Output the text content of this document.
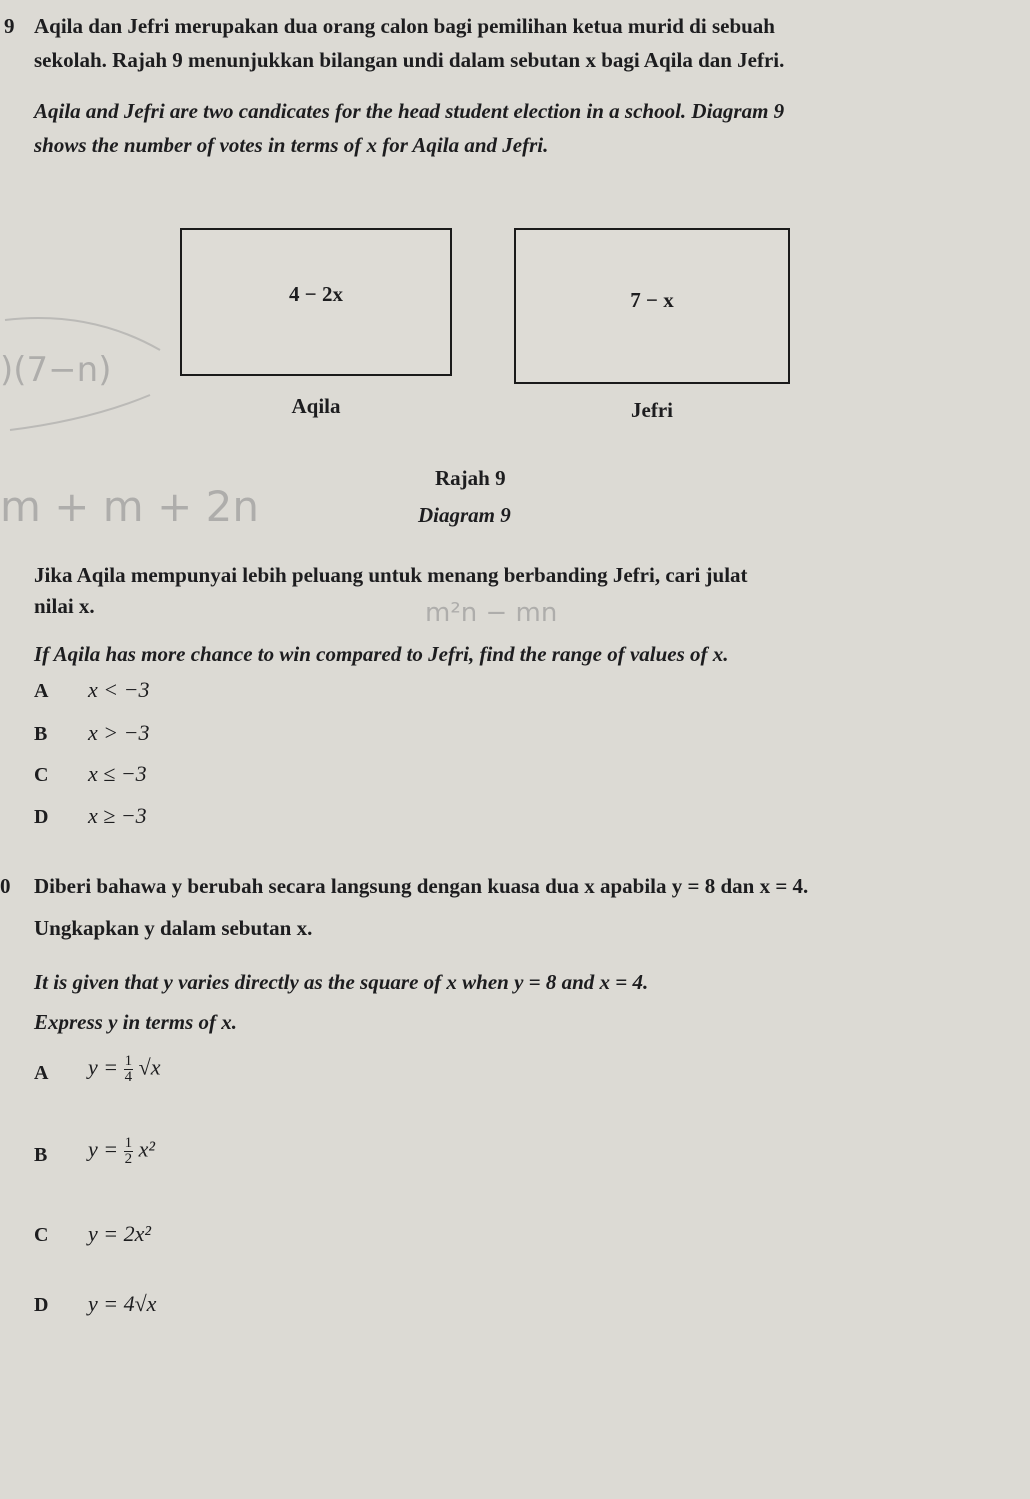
)(7−n)
m + m + 2n
m²n − mn
9 Aqila dan Jefri merupakan dua orang calon bagi pemilihan ketua murid di sebuah
sekolah. Rajah 9 menunjukkan bilangan undi dalam sebutan x bagi Aqila dan Jefri.
Aqila and Jefri are two candicates for the head student election in a school. Diagram 9
shows the number of votes in terms of x for Aqila and Jefri.
4 − 2x
Aqila
7 − x
Jefri
Rajah 9
Diagram 9
Jika Aqila mempunyai lebih peluang untuk menang berbanding Jefri, cari julat
nilai x.
If Aqila has more chance to win compared to Jefri, find the range of values of x.
A x < −3
B x > −3
C x ≤ −3
D x ≥ −3
0 Diberi bahawa y berubah secara langsung dengan kuasa dua x apabila y = 8 dan x = 4.
Ungkapkan y dalam sebutan x.
It is given that y varies directly as the square of x when y = 8 and x = 4.
Express y in terms of x.
A $y = \frac{1}{4} √x$
B $y = \frac{1}{2} x^2$
C y = 2x²
D y = 4√x
